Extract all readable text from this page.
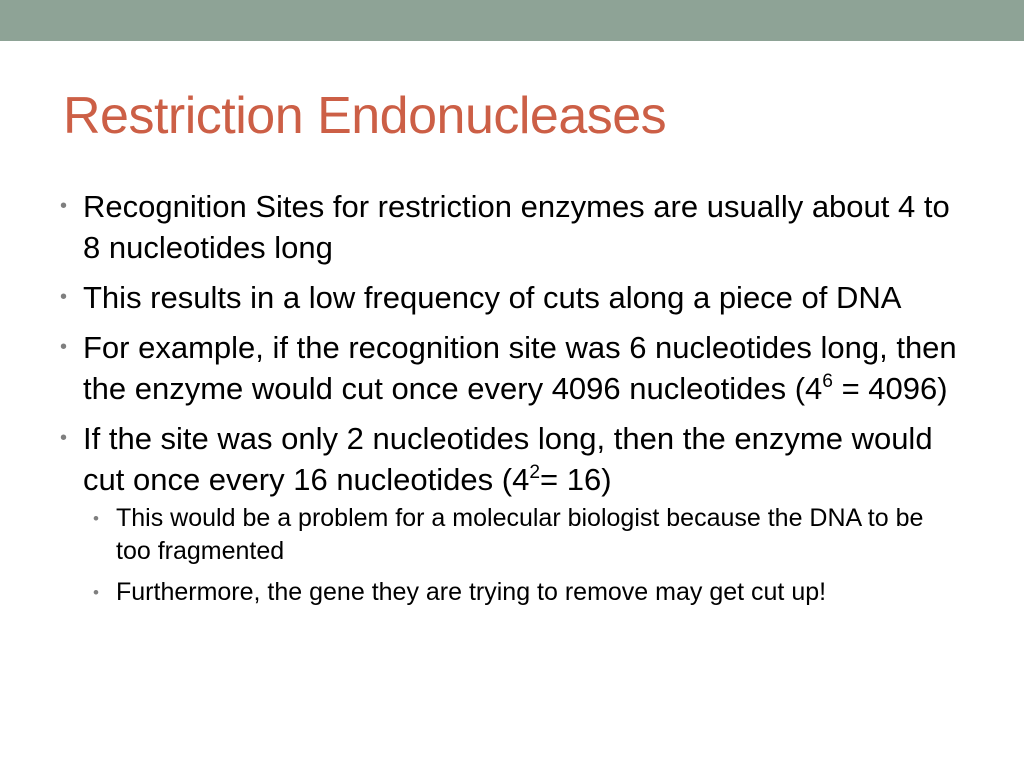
Restriction Endonucleases
• Recognition Sites for restriction enzymes are usually about 4 to 8 nucleotides long
• This results in a low frequency of cuts along a piece of DNA
• For example, if the recognition site was 6 nucleotides long, then the enzyme would cut once every 4096 nucleotides $(4^6 = 4096)$
• If the site was only 2 nucleotides long, then the enzyme would cut once every 16 nucleotides $(4^2= 16)$
• This would be a problem for a molecular biologist because the DNA to be too fragmented
• Furthermore, the gene they are trying to remove may get cut up!
